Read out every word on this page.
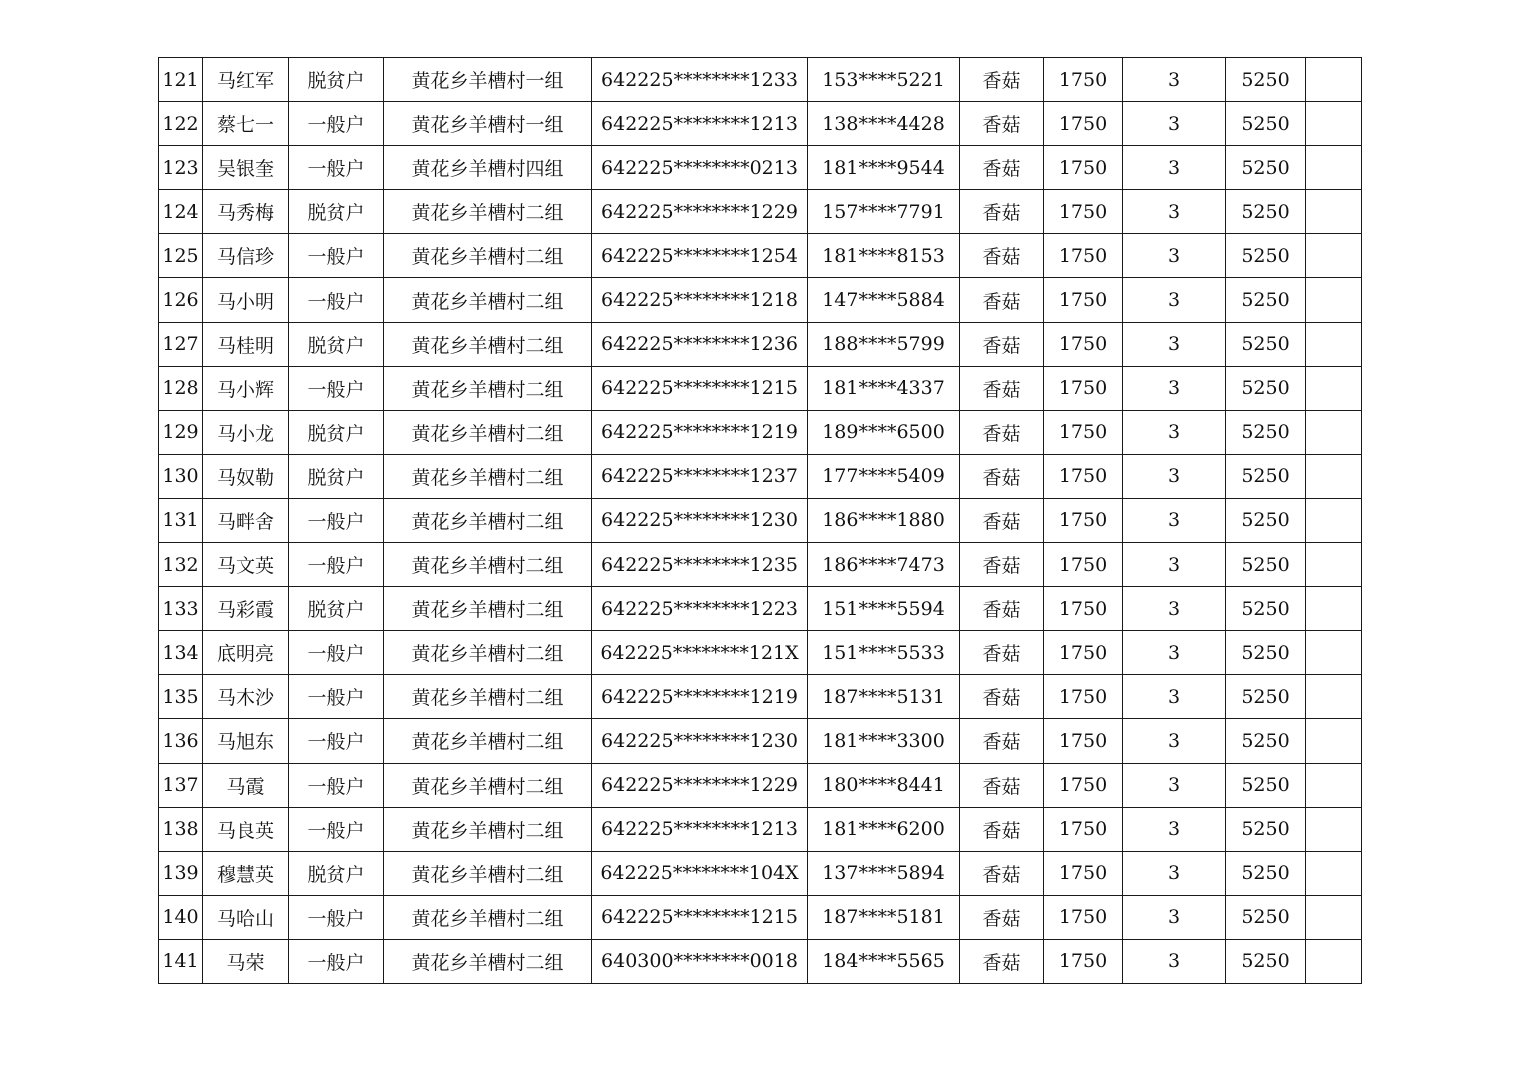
121	马红军	脱贫户	黄花乡羊槽村一组	642225********1233	153****5221	香菇	1750	3	5250	
122	蔡七一	一般户	黄花乡羊槽村一组	642225********1213	138****4428	香菇	1750	3	5250	
123	吴银奎	一般户	黄花乡羊槽村四组	642225********0213	181****9544	香菇	1750	3	5250	
124	马秀梅	脱贫户	黄花乡羊槽村二组	642225********1229	157****7791	香菇	1750	3	5250	
125	马信珍	一般户	黄花乡羊槽村二组	642225********1254	181****8153	香菇	1750	3	5250	
126	马小明	一般户	黄花乡羊槽村二组	642225********1218	147****5884	香菇	1750	3	5250	
127	马桂明	脱贫户	黄花乡羊槽村二组	642225********1236	188****5799	香菇	1750	3	5250	
128	马小辉	一般户	黄花乡羊槽村二组	642225********1215	181****4337	香菇	1750	3	5250	
129	马小龙	脱贫户	黄花乡羊槽村二组	642225********1219	189****6500	香菇	1750	3	5250	
130	马奴勒	脱贫户	黄花乡羊槽村二组	642225********1237	177****5409	香菇	1750	3	5250	
131	马畔舍	一般户	黄花乡羊槽村二组	642225********1230	186****1880	香菇	1750	3	5250	
132	马文英	一般户	黄花乡羊槽村二组	642225********1235	186****7473	香菇	1750	3	5250	
133	马彩霞	脱贫户	黄花乡羊槽村二组	642225********1223	151****5594	香菇	1750	3	5250	
134	底明亮	一般户	黄花乡羊槽村二组	642225********121X	151****5533	香菇	1750	3	5250	
135	马木沙	一般户	黄花乡羊槽村二组	642225********1219	187****5131	香菇	1750	3	5250	
136	马旭东	一般户	黄花乡羊槽村二组	642225********1230	181****3300	香菇	1750	3	5250	
137	马霞	一般户	黄花乡羊槽村二组	642225********1229	180****8441	香菇	1750	3	5250	
138	马良英	一般户	黄花乡羊槽村二组	642225********1213	181****6200	香菇	1750	3	5250	
139	穆慧英	脱贫户	黄花乡羊槽村二组	642225********104X	137****5894	香菇	1750	3	5250	
140	马哈山	一般户	黄花乡羊槽村二组	642225********1215	187****5181	香菇	1750	3	5250	
141	马荣	一般户	黄花乡羊槽村二组	640300********0018	184****5565	香菇	1750	3	5250	
